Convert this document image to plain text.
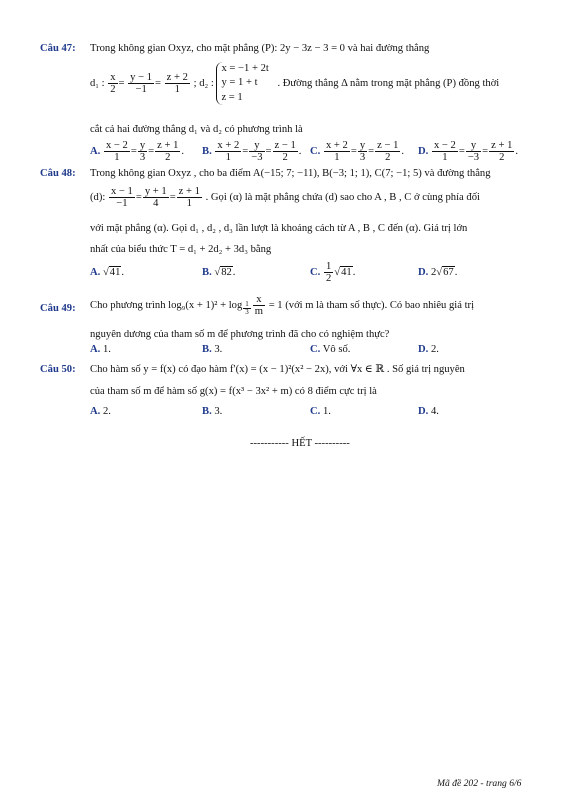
Câu 47: Trong không gian Oxyz, cho mặt phẳng (P): 2y − 3z − 3 = 0 và hai đường thẳng
d₁ : $\frac{x}{2} = \frac{y - 1}{-1} = \frac{z + 2}{1}$ ; d₂ :
x = −1 + 2t
y = 1 + t
z = 1
. Đường thẳng Δ nằm trong mặt phẳng (P) đồng thời
cắt cả hai đường thẳng d₁ và d₂ có phương trình là
A. $\frac{x - 2}{1} = \frac{y}{3} = \frac{z + 1}{2}$ . B. $\frac{x + 2}{1} = \frac{y}{-3} = \frac{z - 1}{2}$ . C. $\frac{x + 2}{1} = \frac{y}{3} = \frac{z - 1}{2}$ . D. $\frac{x - 2}{1} = \frac{y}{-3} = \frac{z + 1}{2}$ .
Câu 48: Trong không gian Oxyz , cho ba điểm A(−15; 7; −11), B(−3; 1; 1), C(7; −1; 5) và đường thẳng
(d): $\frac{x - 1}{-1} = \frac{y + 1}{4} = \frac{z + 1}{1}$ . Gọi (α) là mặt phẳng chứa (d) sao cho A , B , C ở cùng phía đối
với mặt phẳng (α). Gọi d₁ , d₂ , d₃ lần lượt là khoảng cách từ A , B , C đến (α). Giá trị lớn
nhất của biểu thức T = d₁ + 2d₂ + 3d₃ bằng
A. √41.	B. √82.	C. $\frac{1}{2} √41$.	D. 2√67.
Câu 49: Cho phương trình $\log_9(x + 1)^2 + \log \frac{1}{3} \frac{x}{m} = 1$ (với m là tham số thực). Có bao nhiêu giá trị
nguyên dương của tham số m để phương trình đã cho có nghiệm thực?
A. 1.	B. 3.	C. Vô số.	D. 2.
Câu 50: Cho hàm số y = f(x) có đạo hàm f′(x) = (x − 1)²(x² − 2x), với ∀x ∈ ℝ . Số giá trị nguyên
của tham số m để hàm số g(x) = f(x³ − 3x² + m) có 8 điểm cực trị là
A. 2.	B. 3.	C. 1.	D. 4.
----------- HẾT ----------
Mã đề 202 - trang 6/6
